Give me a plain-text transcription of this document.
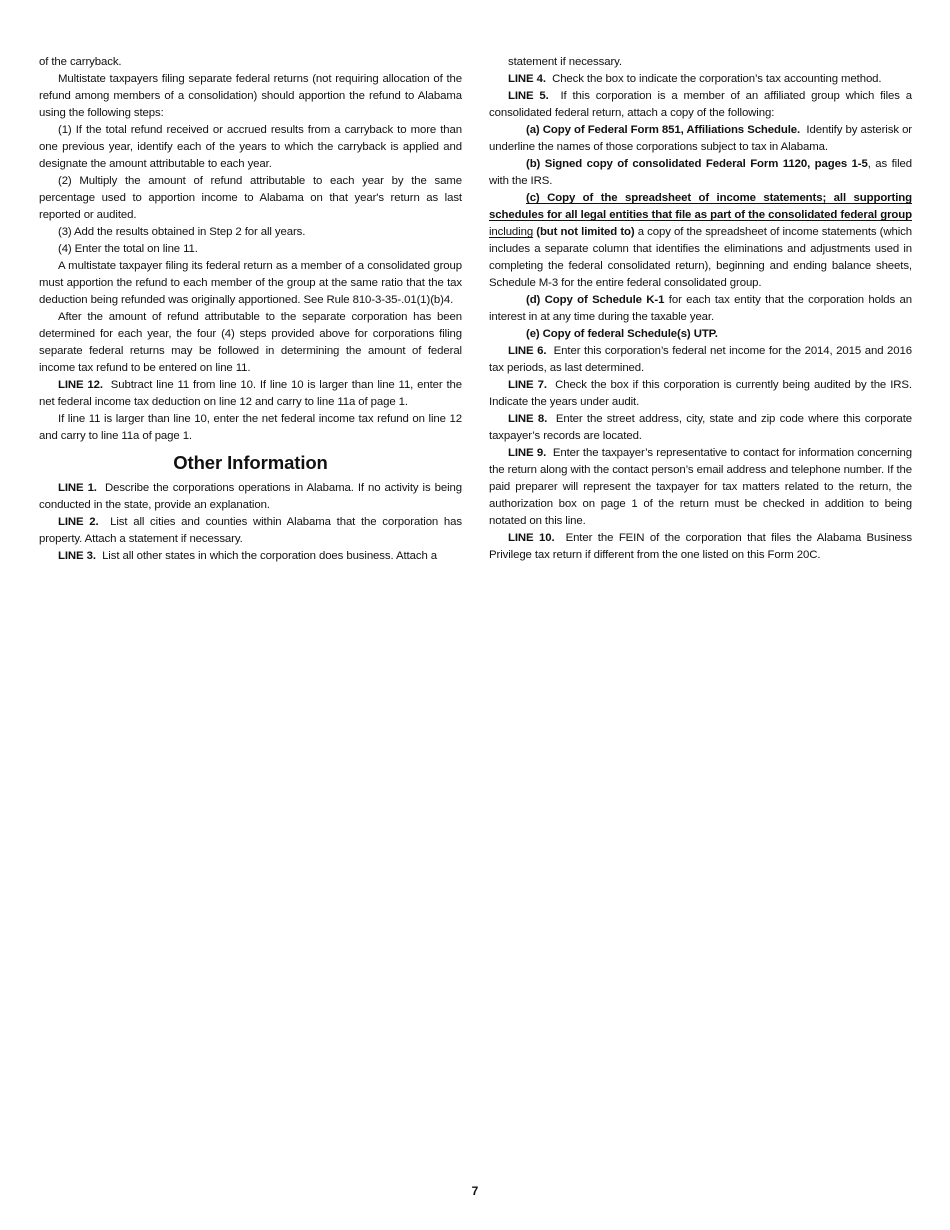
of the carryback.

Multistate taxpayers filing separate federal returns (not requiring allocation of the refund among members of a consolidation) should apportion the refund to Alabama using the following steps:

(1) If the total refund received or accrued results from a carryback to more than one previous year, identify each of the years to which the carryback is applied and designate the amount attributable to each year.

(2) Multiply the amount of refund attributable to each year by the same percentage used to apportion income to Alabama on that year's return as last reported or audited.

(3) Add the results obtained in Step 2 for all years.

(4) Enter the total on line 11.

A multistate taxpayer filing its federal return as a member of a consolidated group must apportion the refund to each member of the group at the same ratio that the tax deduction being refunded was originally apportioned. See Rule 810-3-35-.01(1)(b)4.

After the amount of refund attributable to the separate corporation has been determined for each year, the four (4) steps provided above for corporations filing separate federal returns may be followed in determining the amount of federal income tax refund to be entered on line 11.

LINE 12. Subtract line 11 from line 10. If line 10 is larger than line 11, enter the net federal income tax deduction on line 12 and carry to line 11a of page 1.

If line 11 is larger than line 10, enter the net federal income tax refund on line 12 and carry to line 11a of page 1.

Other Information

LINE 1. Describe the corporations operations in Alabama. If no activity is being conducted in the state, provide an explanation.

LINE 2. List all cities and counties within Alabama that the corporation has property. Attach a statement if necessary.

LINE 3. List all other states in which the corporation does business. Attach a

statement if necessary.

LINE 4. Check the box to indicate the corporation’s tax accounting method.

LINE 5. If this corporation is a member of an affiliated group which files a consolidated federal return, attach a copy of the following:

(a) Copy of Federal Form 851, Affiliations Schedule. Identify by asterisk or underline the names of those corporations subject to tax in Alabama.

(b) Signed copy of consolidated Federal Form 1120, pages 1-5, as filed with the IRS.

(c) Copy of the spreadsheet of income statements; all supporting schedules for all legal entities that file as part of the consolidated federal group including (but not limited to) a copy of the spreadsheet of income statements (which includes a separate column that identifies the eliminations and adjustments used in completing the federal consolidated return), beginning and ending balance sheets, Schedule M-3 for the entire federal consolidated group.

(d) Copy of Schedule K-1 for each tax entity that the corporation holds an interest in at any time during the taxable year.

(e) Copy of federal Schedule(s) UTP.

LINE 6. Enter this corporation’s federal net income for the 2014, 2015 and 2016 tax periods, as last determined.

LINE 7. Check the box if this corporation is currently being audited by the IRS. Indicate the years under audit.

LINE 8. Enter the street address, city, state and zip code where this corporate taxpayer’s records are located.

LINE 9. Enter the taxpayer’s representative to contact for information concerning the return along with the contact person’s email address and telephone number. If the paid preparer will represent the taxpayer for tax matters related to the return, the authorization box on page 1 of the return must be checked in addition to being notated on this line.

LINE 10. Enter the FEIN of the corporation that files the Alabama Business Privilege tax return if different from the one listed on this Form 20C.

7
